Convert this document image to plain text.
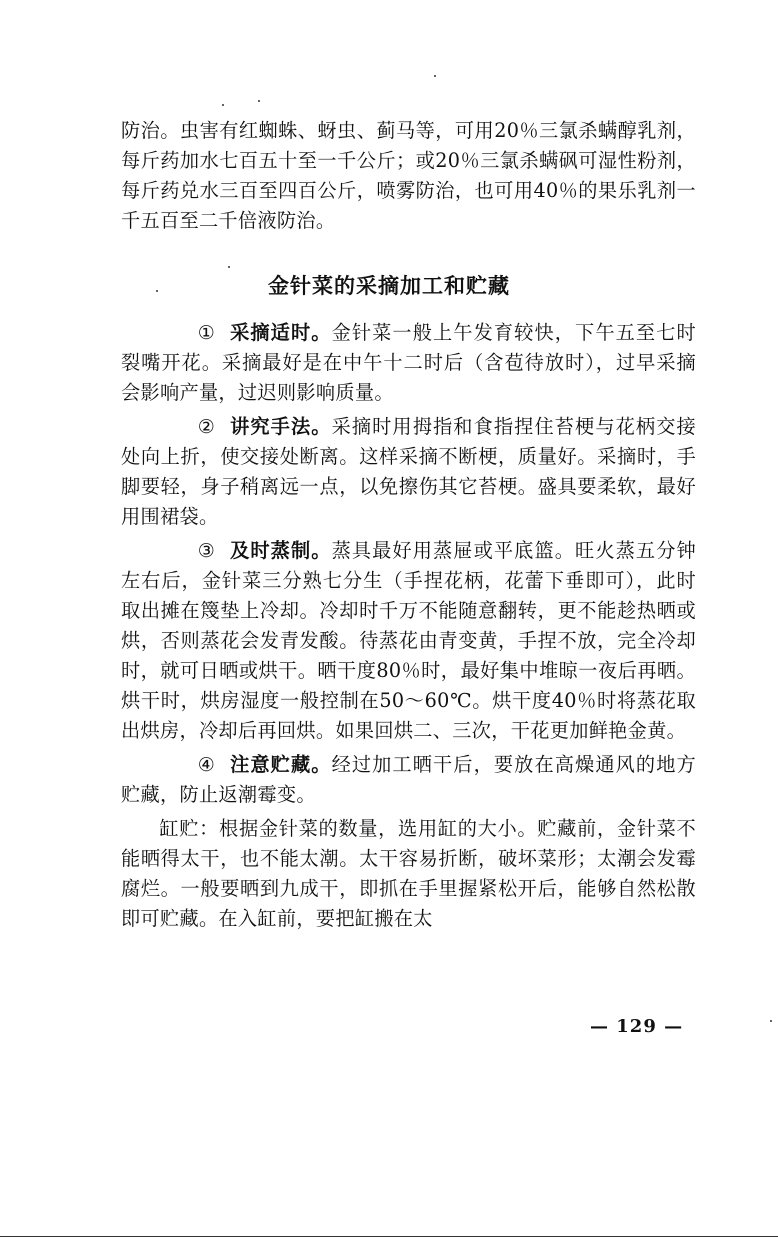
防治。虫害有红蜘蛛、蚜虫、蓟马等，可用20％三氯杀螨醇乳剂，每斤药加水七百五十至一千公斤；或20％三氯杀螨砜可湿性粉剂，每斤药兑水三百至四百公斤，喷雾防治，也可用40％的果乐乳剂一千五百至二千倍液防治。

金针菜的采摘加工和贮藏

① 采摘适时。金针菜一般上午发育较快，下午五至七时裂嘴开花。采摘最好是在中午十二时后（含苞待放时），过早采摘会影响产量，过迟则影响质量。

② 讲究手法。采摘时用拇指和食指捏住苔梗与花柄交接处向上折，使交接处断离。这样采摘不断梗，质量好。采摘时，手脚要轻，身子稍离远一点，以免擦伤其它苔梗。盛具要柔软，最好用围裙袋。

③ 及时蒸制。蒸具最好用蒸屉或平底篮。旺火蒸五分钟左右后，金针菜三分熟七分生（手捏花柄，花蕾下垂即可），此时取出摊在篾垫上冷却。冷却时千万不能随意翻转，更不能趁热晒或烘，否则蒸花会发青发酸。待蒸花由青变黄，手捏不放，完全冷却时，就可日晒或烘干。晒干度80％时，最好集中堆晾一夜后再晒。烘干时，烘房湿度一般控制在50～60℃。烘干度40％时将蒸花取出烘房，冷却后再回烘。如果回烘二、三次，干花更加鲜艳金黄。

④ 注意贮藏。经过加工晒干后，要放在高燥通风的地方贮藏，防止返潮霉变。

缸贮：根据金针菜的数量，选用缸的大小。贮藏前，金针菜不能晒得太干，也不能太潮。太干容易折断，破坏菜形；太潮会发霉腐烂。一般要晒到九成干，即抓在手里握紧松开后，能够自然松散即可贮藏。在入缸前，要把缸搬在太

— 129 —
